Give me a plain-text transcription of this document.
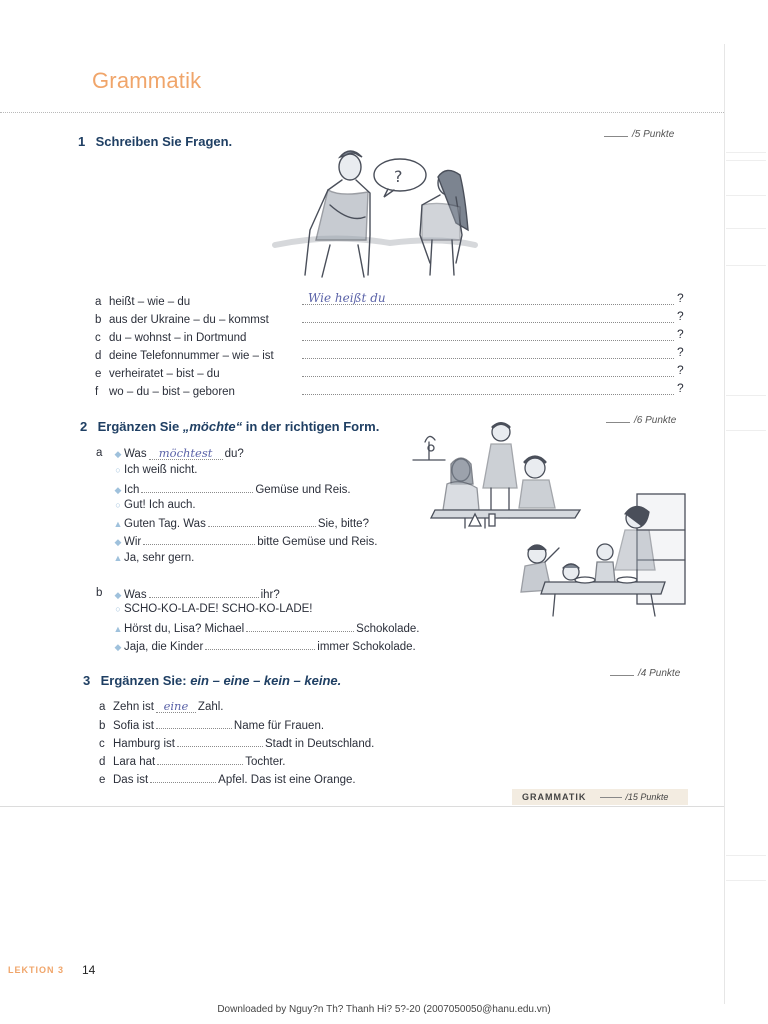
Grammatik
1 Schreiben Sie Fragen.	/5 Punkte
?
a heißt – wie – du	Wie heißt du	?
b aus der Ukraine – du – kommst	?
c du – wohnst – in Dortmund	?
d deine Telefonnummer – wie – ist	?
e verheiratet – bist – du	?
f wo – du – bist – geboren	?
2 Ergänzen Sie „möchte“ in der richtigen Form.	/6 Punkte
a ◆ Was möchtest du?
○ Ich weiß nicht.
◆ Ich	Gemüse und Reis.
○ Gut! Ich auch.
▲ Guten Tag. Was	Sie, bitte?
◆ Wir	bitte Gemüse und Reis.
▲ Ja, sehr gern.
b ◆ Was	ihr?
○ SCHO-KO-LA-DE! SCHO-KO-LADE!
▲ Hörst du, Lisa? Michael	Schokolade.
◆ Jaja, die Kinder	immer Schokolade.
3 Ergänzen Sie: ein – eine – kein – keine.	/4 Punkte
a Zehn ist eine Zahl.
b Sofia ist	Name für Frauen.
c Hamburg ist	Stadt in Deutschland.
d Lara hat	Tochter.
e Das ist	Apfel. Das ist eine Orange.
GRAMMATIK	/15 Punkte
LEKTION 3 14
Downloaded by Nguy?n Th? Thanh Hi? 5?-20 (2007050050@hanu.edu.vn)
